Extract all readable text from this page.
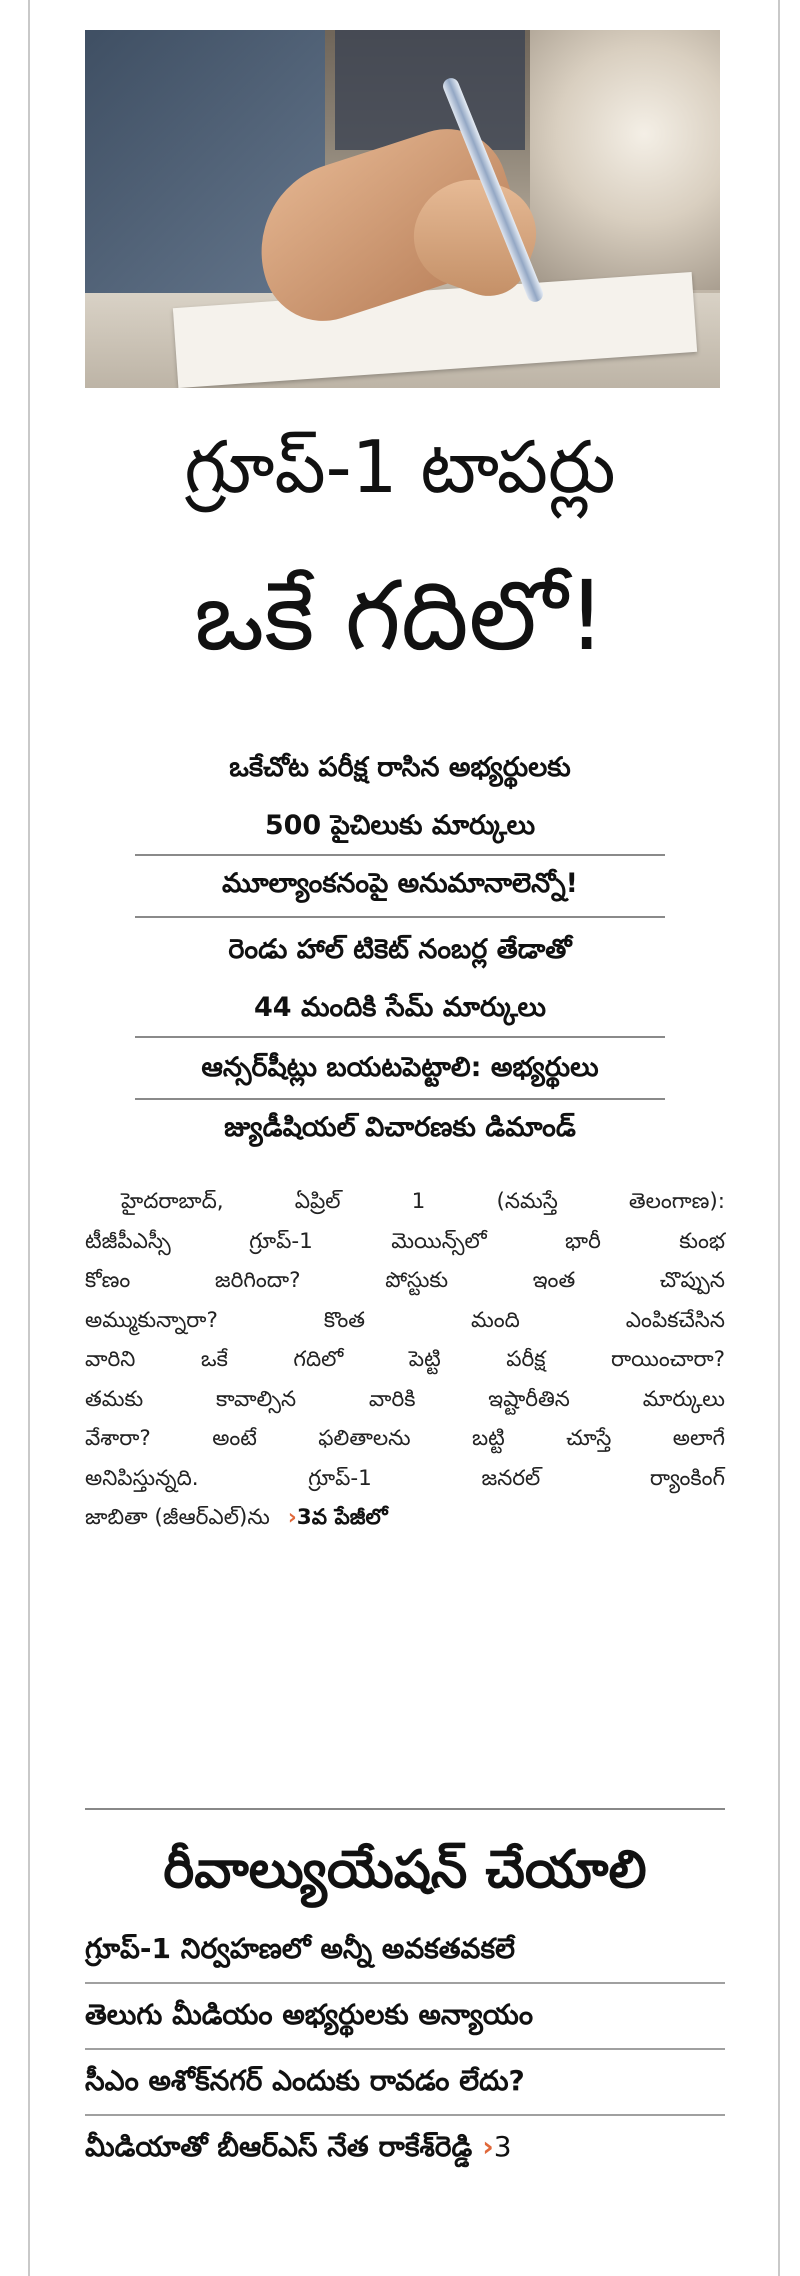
గ్రూప్-1 టాపర్లు
ఒకే గదిలో!
ఒకేచోట పరీక్ష రాసిన అభ్యర్థులకు
500 పైచిలుకు మార్కులు
మూల్యాంకనంపై అనుమానాలెన్నో!
రెండు హాల్ టికెట్ నంబర్ల తేడాతో
44 మందికి సేమ్ మార్కులు
ఆన్సర్‌షీట్లు బయటపెట్టాలి: అభ్యర్థులు
జ్యుడీషియల్ విచారణకు డిమాండ్

హైదరాబాద్, ఏప్రిల్ 1 (నమస్తే తెలంగాణ):

టీజీపీఎస్సీ గ్రూప్-1 మెయిన్స్‌లో భారీ కుంభ

కోణం జరిగిందా? పోస్టుకు ఇంత చొప్పున

అమ్ముకున్నారా? కొంత మంది ఎంపికచేసిన

వారిని ఒకే గదిలో పెట్టి పరీక్ష రాయించారా?

తమకు కావాల్సిన వారికి ఇష్టారీతిన మార్కులు

వేశారా? అంటే ఫలితాలను బట్టి చూస్తే అలాగే

అనిపిస్తున్నది. గ్రూప్-1 జనరల్ ర్యాంకింగ్

జాబితా (జీఆర్ఎల్)ను ›3వ పేజీలో

రీవాల్యుయేషన్ చేయాలి
గ్రూప్-1 నిర్వహణలో అన్నీ అవకతవకలే
తెలుగు మీడియం అభ్యర్థులకు అన్యాయం
సీఎం అశోక్‌నగర్ ఎందుకు రావడం లేదు?
మీడియాతో బీఆర్ఎస్ నేత రాకేశ్‌రెడ్డి ›3
